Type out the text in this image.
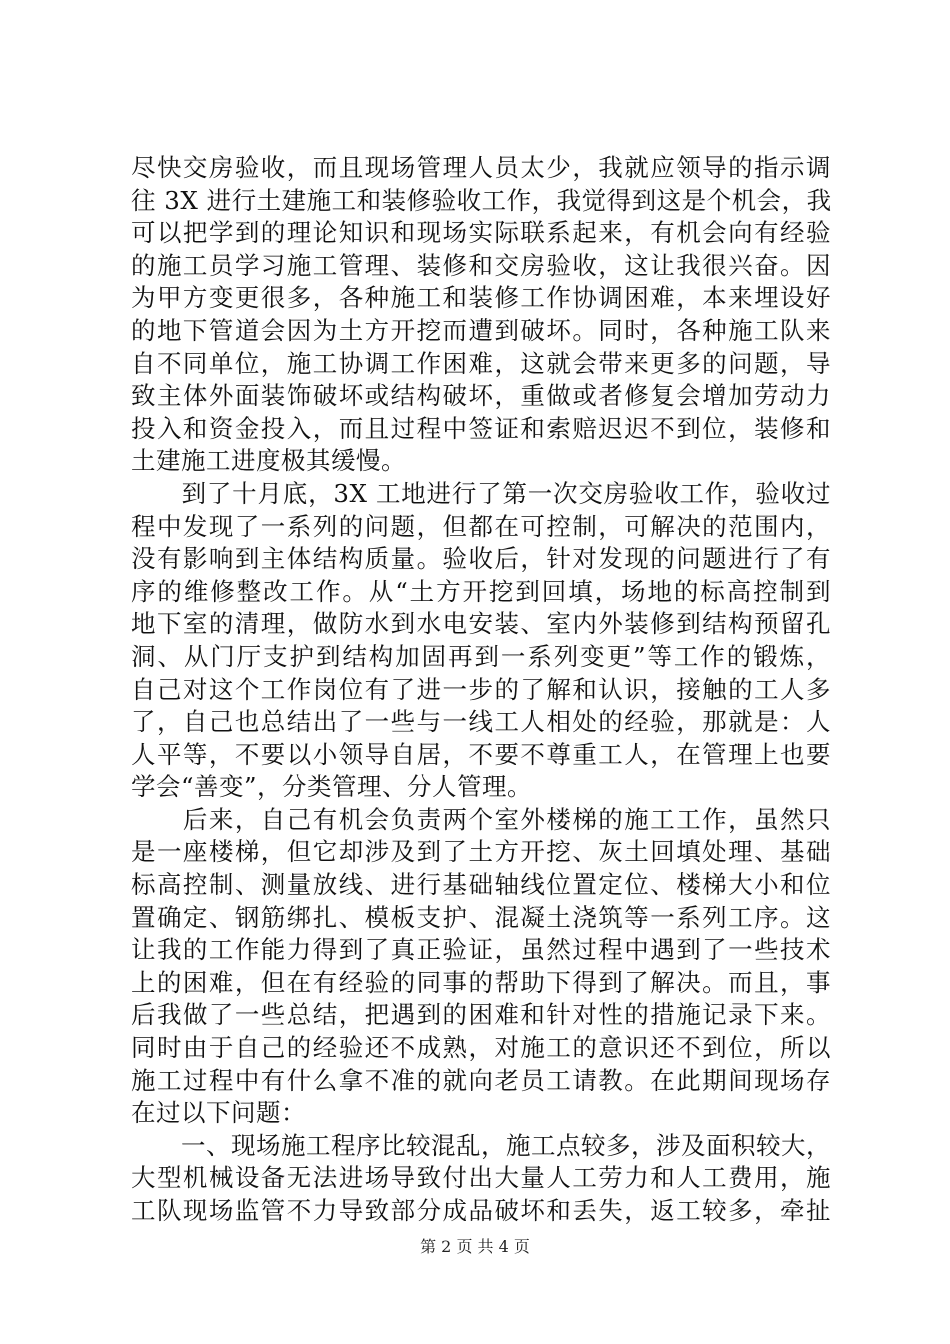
尽快交房验收，而且现场管理人员太少，我就应领导的指示调
往 3X 进行土建施工和装修验收工作，我觉得到这是个机会，我
可以把学到的理论知识和现场实际联系起来，有机会向有经验
的施工员学习施工管理、装修和交房验收，这让我很兴奋。因
为甲方变更很多，各种施工和装修工作协调困难，本来埋设好
的地下管道会因为土方开挖而遭到破坏。同时，各种施工队来
自不同单位，施工协调工作困难，这就会带来更多的问题，导
致主体外面装饰破坏或结构破坏，重做或者修复会增加劳动力
投入和资金投入，而且过程中签证和索赔迟迟不到位，装修和
土建施工进度极其缓慢。
　　到了十月底，3X 工地进行了第一次交房验收工作，验收过
程中发现了一系列的问题，但都在可控制，可解决的范围内，
没有影响到主体结构质量。验收后，针对发现的问题进行了有
序的维修整改工作。从“土方开挖到回填，场地的标高控制到
地下室的清理，做防水到水电安装、室内外装修到结构预留孔
洞、从门厅支护到结构加固再到一系列变更”等工作的锻炼，
自己对这个工作岗位有了进一步的了解和认识，接触的工人多
了，自己也总结出了一些与一线工人相处的经验，那就是：人
人平等，不要以小领导自居，不要不尊重工人，在管理上也要
学会“善变”，分类管理、分人管理。
　　后来，自己有机会负责两个室外楼梯的施工工作，虽然只
是一座楼梯，但它却涉及到了土方开挖、灰土回填处理、基础
标高控制、测量放线、进行基础轴线位置定位、楼梯大小和位
置确定、钢筋绑扎、模板支护、混凝土浇筑等一系列工序。这
让我的工作能力得到了真正验证，虽然过程中遇到了一些技术
上的困难，但在有经验的同事的帮助下得到了解决。而且，事
后我做了一些总结，把遇到的困难和针对性的措施记录下来。
同时由于自己的经验还不成熟，对施工的意识还不到位，所以
施工过程中有什么拿不准的就向老员工请教。在此期间现场存
在过以下问题：
　　一、现场施工程序比较混乱，施工点较多，涉及面积较大，
大型机械设备无法进场导致付出大量人工劳力和人工费用，施
工队现场监管不力导致部分成品破坏和丢失，返工较多，牵扯
第 2 页 共 4 页
